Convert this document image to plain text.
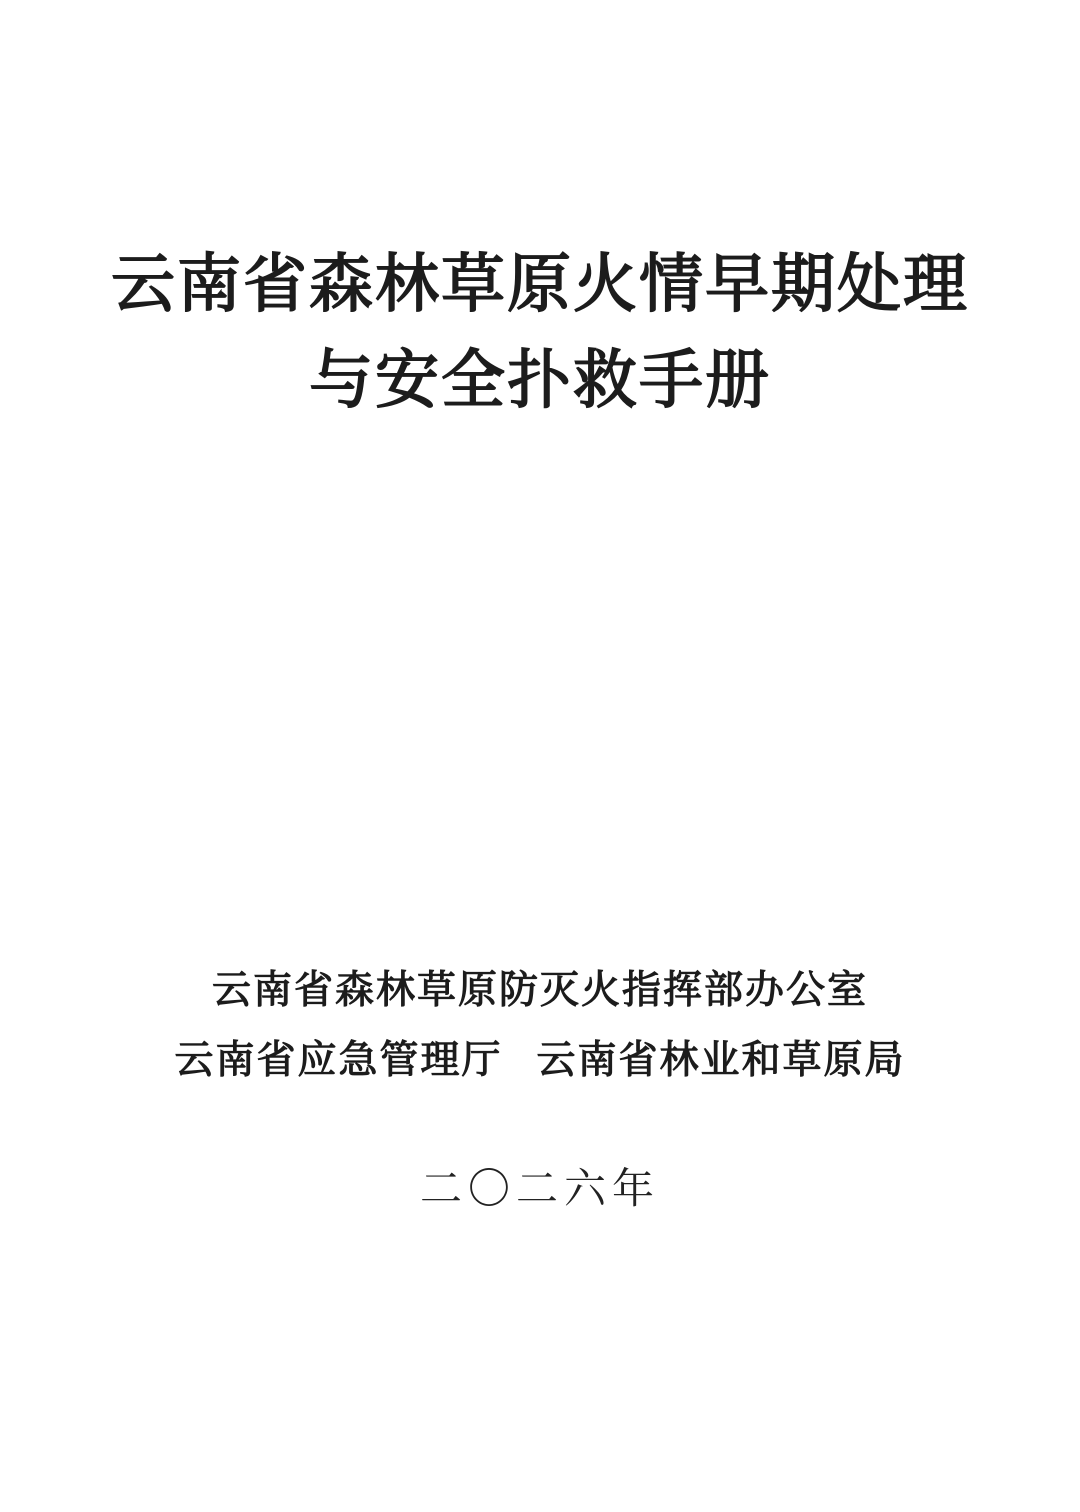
云南省森林草原火情早期处理
与安全扑救手册
云南省森林草原防灭火指挥部办公室
云南省应急管理厅 云南省林业和草原局
二〇二六年
